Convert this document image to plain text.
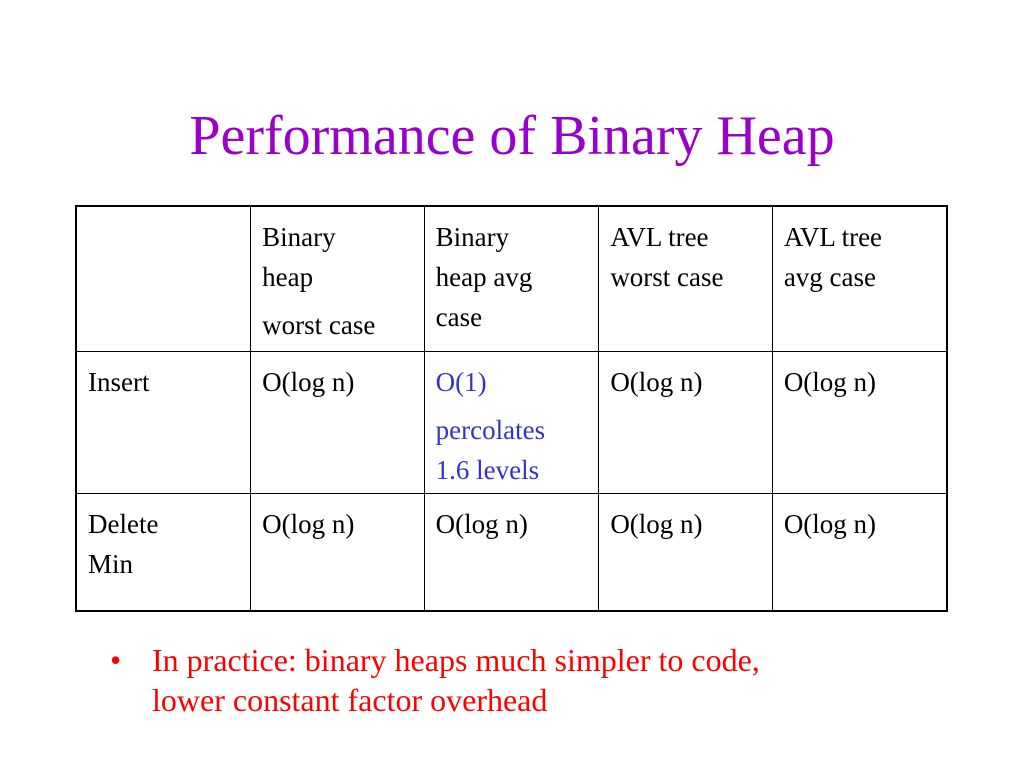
Performance of Binary Heap

	Binary
heap
worst case	Binary
heap avg
case	AVL tree
worst case	AVL tree
avg case

Insert	O(log n)	O(1)
percolates
1.6 levels	O(log n)	O(log n)

Delete
Min	O(log n)	O(log n)	O(log n)	O(log n)
• In practice: binary heaps much simpler to code,
lower constant factor overhead
